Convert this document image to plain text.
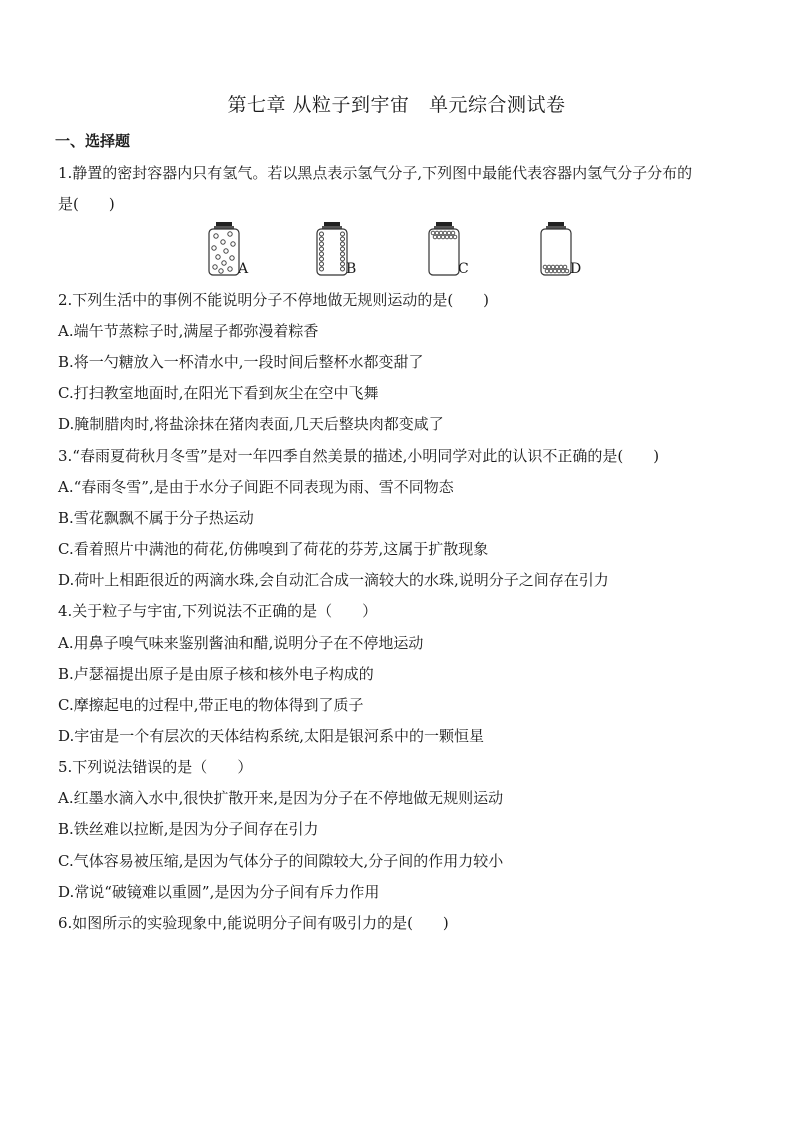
第七章 从粒子到宇宙　单元综合测试卷
一、选择题
1.静置的密封容器内只有氢气。若以黑点表示氢气分子,下列图中最能代表容器内氢气分子分布的
是(　　)
A	B	C	D
2.下列生活中的事例不能说明分子不停地做无规则运动的是(　　)
A.端午节蒸粽子时,满屋子都弥漫着粽香
B.将一勺糖放入一杯清水中,一段时间后整杯水都变甜了
C.打扫教室地面时,在阳光下看到灰尘在空中飞舞
D.腌制腊肉时,将盐涂抹在猪肉表面,几天后整块肉都变咸了
3.“春雨夏荷秋月冬雪”是对一年四季自然美景的描述,小明同学对此的认识不正确的是(　　)
A.“春雨冬雪”,是由于水分子间距不同表现为雨、雪不同物态
B.雪花飘飘不属于分子热运动
C.看着照片中满池的荷花,仿佛嗅到了荷花的芬芳,这属于扩散现象
D.荷叶上相距很近的两滴水珠,会自动汇合成一滴较大的水珠,说明分子之间存在引力
4.关于粒子与宇宙,下列说法不正确的是（　　）
A.用鼻子嗅气味来鉴别酱油和醋,说明分子在不停地运动
B.卢瑟福提出原子是由原子核和核外电子构成的
C.摩擦起电的过程中,带正电的物体得到了质子
D.宇宙是一个有层次的天体结构系统,太阳是银河系中的一颗恒星
5.下列说法错误的是（　　）
A.红墨水滴入水中,很快扩散开来,是因为分子在不停地做无规则运动
B.铁丝难以拉断,是因为分子间存在引力
C.气体容易被压缩,是因为气体分子的间隙较大,分子间的作用力较小
D.常说“破镜难以重圆”,是因为分子间有斥力作用
6.如图所示的实验现象中,能说明分子间有吸引力的是(　　)
